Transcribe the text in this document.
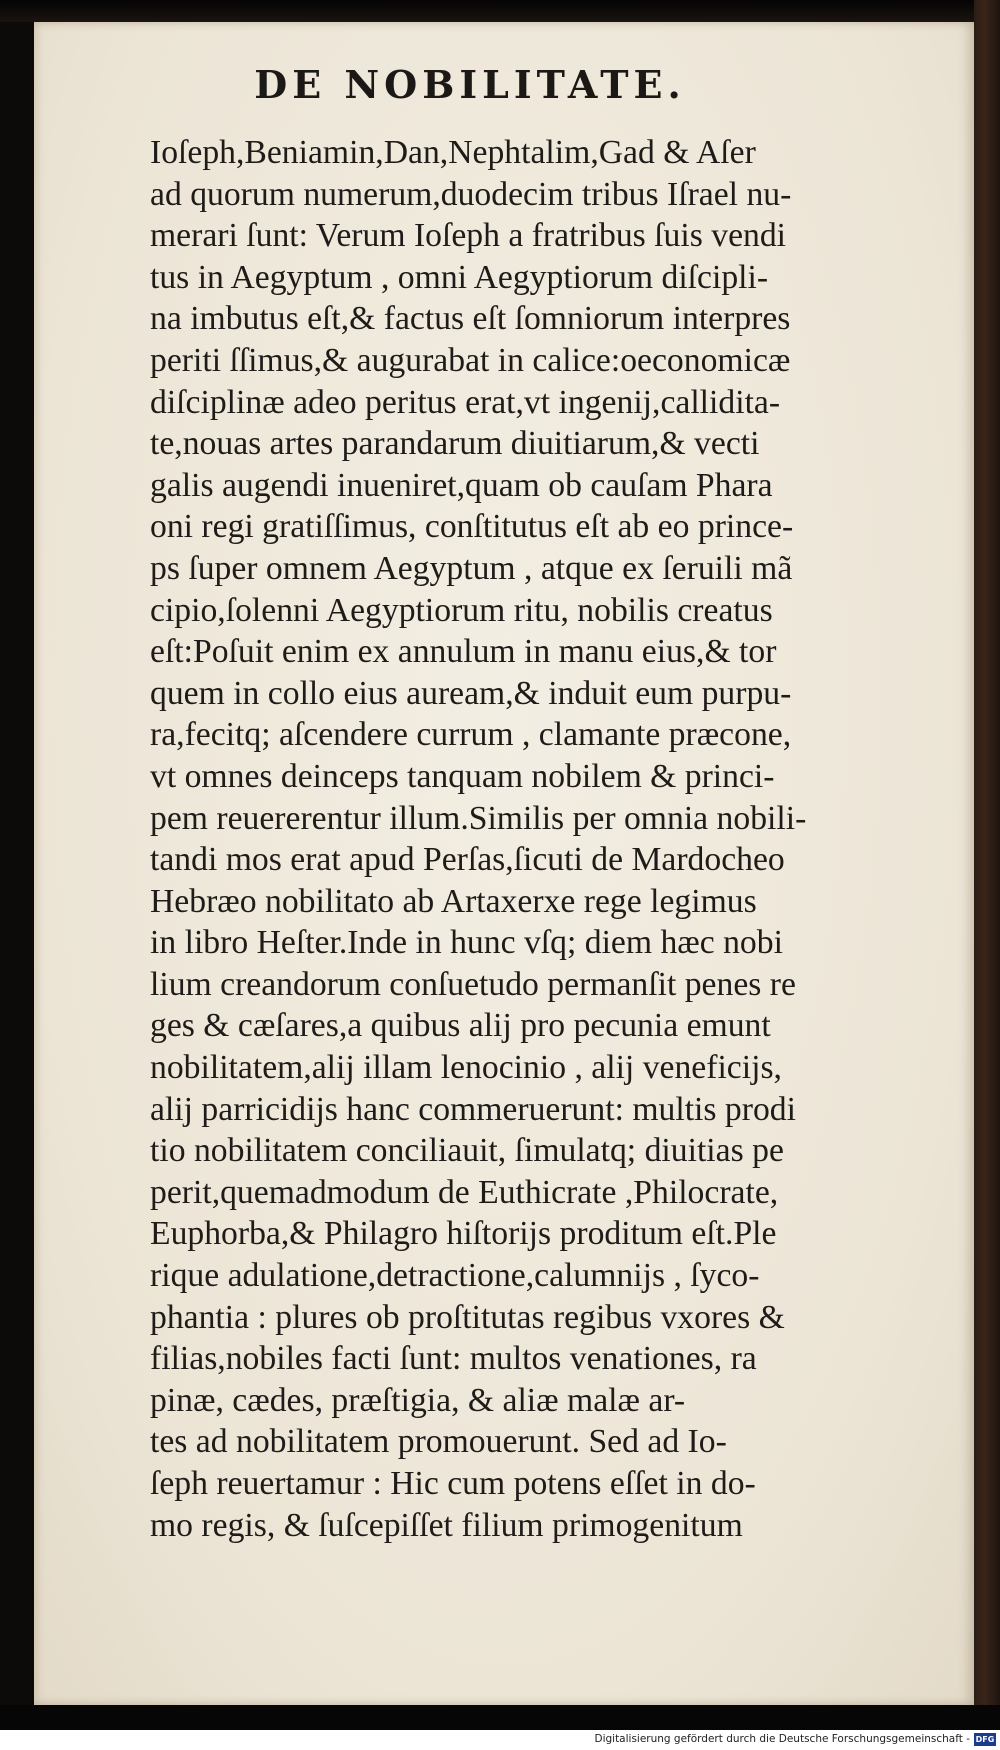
DE NOBILITATE.
Ioſeph,Beniamin,Dan,Nephtalim,Gad & Aſer
ad quorum numerum,duodecim tribus Iſrael nu-
merari ſunt: Verum Ioſeph a fratribus ſuis vendi
tus in Aegyptum , omni Aegyptiorum diſcipli-
na imbutus eſt,& factus eſt ſomniorum interpres
periti ſſimus,& augurabat in calice:oeconomicæ
diſciplinæ adeo peritus erat,vt ingenij,callidita-
te,nouas artes parandarum diuitiarum,& vecti
galis augendi inueniret,quam ob cauſam Phara
oni regi gratiſſimus, conſtitutus eſt ab eo prince-
ps ſuper omnem Aegyptum , atque ex ſeruili mã
cipio,ſolenni Aegyptiorum ritu, nobilis creatus
eſt:Poſuit enim ex annulum in manu eius,& tor
quem in collo eius auream,& induit eum purpu-
ra,fecitq; aſcendere currum , clamante præcone,
vt omnes deinceps tanquam nobilem & princi-
pem reuererentur illum.Similis per omnia nobili-
tandi mos erat apud Perſas,ſicuti de Mardocheo
Hebræo nobilitato ab Artaxerxe rege legimus
in libro Heſter.Inde in hunc vſq; diem hæc nobi
lium creandorum conſuetudo permanſit penes re
ges & cæſares,a quibus alij pro pecunia emunt
nobilitatem,alij illam lenocinio , alij veneficijs,
alij parricidijs hanc commeruerunt: multis prodi
tio nobilitatem conciliauit, ſimulatq; diuitias pe
perit,quemadmodum de Euthicrate ,Philocrate,
Euphorba,& Philagro hiſtorijs proditum eſt.Ple
rique adulatione,detractione,calumnijs , ſyco-
phantia : plures ob proſtitutas regibus vxores &
filias,nobiles facti ſunt: multos venationes, ra
pinæ, cædes, præſtigia, & aliæ malæ ar-
tes ad nobilitatem promouerunt. Sed ad Io-
ſeph reuertamur : Hic cum potens eſſet in do-
mo regis, & ſuſcepiſſet filium primogenitum
Digitalisierung gefördert durch die Deutsche Forschungsgemeinschaft - DFG
